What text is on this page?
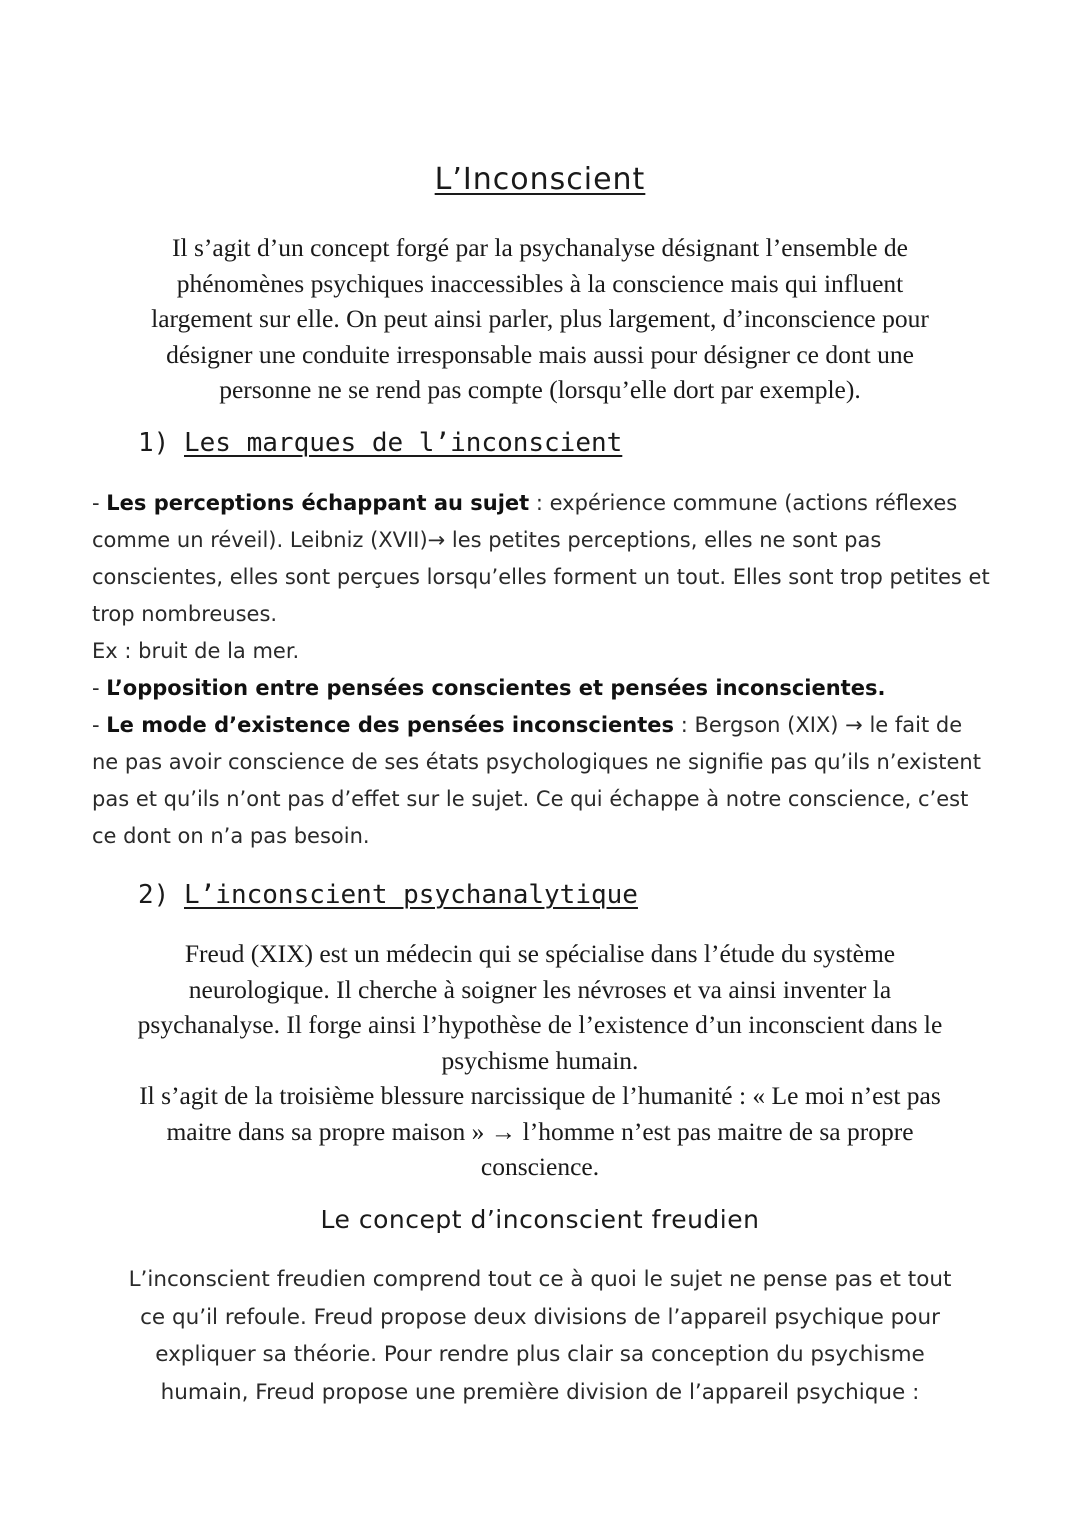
L’Inconscient

Il s’agit d’un concept forgé par la psychanalyse désignant l’ensemble de

phénomènes psychiques inaccessibles à la conscience mais qui influent

largement sur elle. On peut ainsi parler, plus largement, d’inconscience pour

désigner une conduite irresponsable mais aussi pour désigner ce dont une

personne ne se rend pas compte (lorsqu’elle dort par exemple).

1) Les marques de l’inconscient

- Les perceptions échappant au sujet : expérience commune (actions réflexes comme un réveil). Leibniz (XVII)→ les petites perceptions, elles ne sont pas conscientes, elles sont perçues lorsqu’elles forment un tout. Elles sont trop petites et trop nombreuses.

Ex : bruit de la mer.

- L’opposition entre pensées conscientes et pensées inconscientes.

- Le mode d’existence des pensées inconscientes : Bergson (XIX) → le fait de ne pas avoir conscience de ses états psychologiques ne signifie pas qu’ils n’existent pas et qu’ils n’ont pas d’effet sur le sujet. Ce qui échappe à notre conscience, c’est ce dont on n’a pas besoin.

2) L’inconscient psychanalytique

Freud (XIX) est un médecin qui se spécialise dans l’étude du système

neurologique. Il cherche à soigner les névroses et va ainsi inventer la

psychanalyse. Il forge ainsi l’hypothèse de l’existence d’un inconscient dans le

psychisme humain.

Il s’agit de la troisième blessure narcissique de l’humanité : « Le moi n’est pas

maitre dans sa propre maison » → l’homme n’est pas maitre de sa propre

conscience.

Le concept d’inconscient freudien

L’inconscient freudien comprend tout ce à quoi le sujet ne pense pas et tout

ce qu’il refoule. Freud propose deux divisions de l’appareil psychique pour

expliquer sa théorie. Pour rendre plus clair sa conception du psychisme

humain, Freud propose une première division de l’appareil psychique :
